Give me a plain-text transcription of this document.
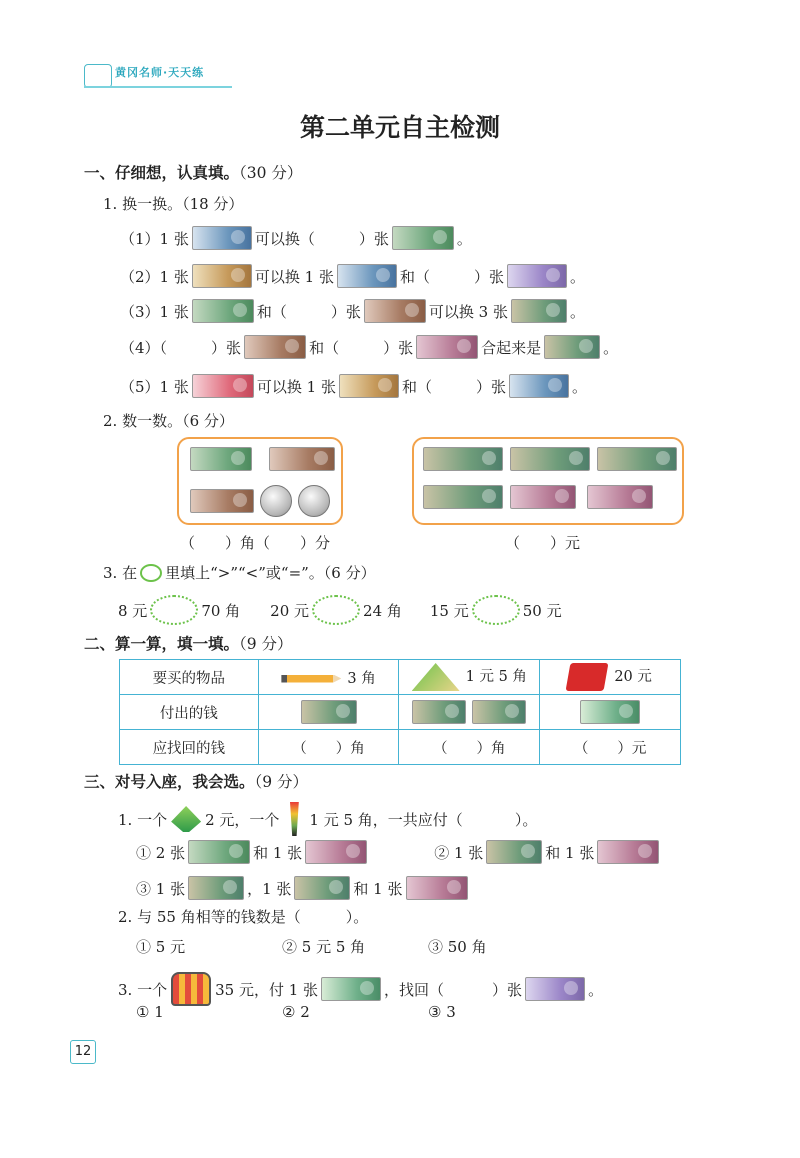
黄冈名师·天天练
第二单元自主检测
一、仔细想，认真填。（30 分）
1. 换一换。（18 分）
（1）1 张	可以换（	）张	。
（2）1 张	可以换 1 张	和（	）张	。
（3）1 张	和（	）张	可以换 3 张	。
（4）（	）张	和（	）张	合起来是	。
（5）1 张	可以换 1 张	和（	）张	。
2. 数一数。（6 分）
（　　）角（　　）分	（　　）元
3. 在 里填上“>”“<”或“=”。（6 分）
8 元	70 角 20 元	24 角 15 元	50 元
二、算一算，填一填。（9 分）
要买的物品	3 角	1 元 5 角	20 元
付出的钱			
应找回的钱	（　　）角	（　　）角	（　　）元
三、对号入座，我会选。（9 分）
1. 一个	2 元，一个 1 元 5 角，一共应付（	）。
① 2 张	和 1 张	② 1 张	和 1 张
③ 1 张	，1 张	和 1 张
2. 与 55 角相等的钱数是（　　　）。
① 5 元	② 5 元 5 角	③ 50 角
3. 一个	35 元，付 1 张	，找回（	）张	。
① 1	② 2	③ 3
12
